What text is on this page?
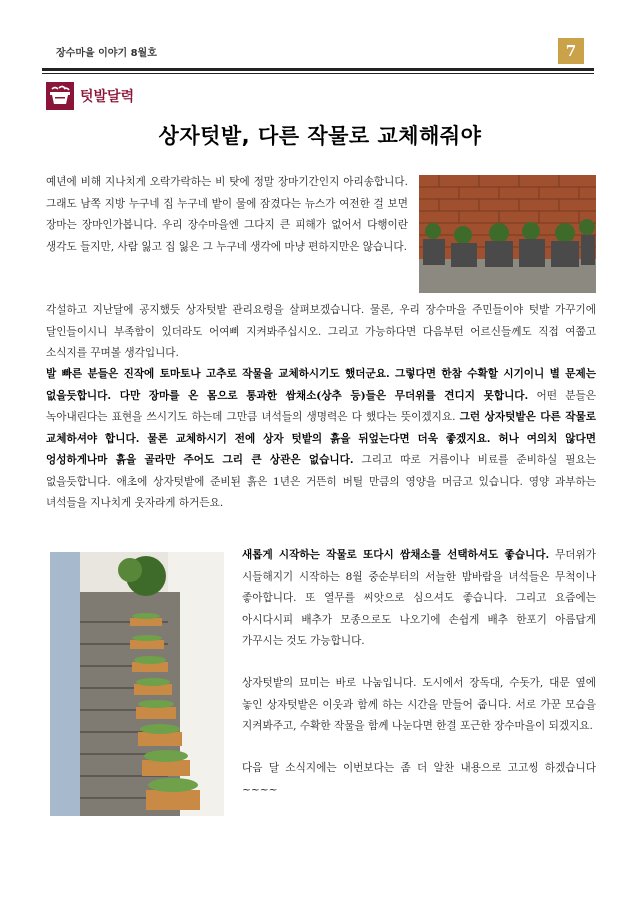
장수마을 이야기 8월호	7
텃발달력
상자텃밭, 다른 작물로 교체해줘야

예년에 비해 지나치게 오락가락하는 비 탓에 정말 장마기간인지 아리송합니다. 그래도 남쪽 지방 누구네 집 누구네 밭이 물에 잠겼다는 뉴스가 여전한 걸 보면 장마는 장마인가봅니다. 우리 장수마을엔 그다지 큰 피해가 없어서 다행이란 생각도 들지만, 사람 잃고 집 잃은 그 누구네 생각에 마냥 편하지만은 않습니다.

각설하고 지난달에 공지했듯 상자텃밭 관리요령을 살펴보겠습니다. 물론, 우리 장수마을 주민들이야 텃밭 가꾸기에 달인들이시니 부족함이 있더라도 어여삐 지켜봐주십시오. 그리고 가능하다면 다음부턴 어르신들께도 직접 여쭙고 소식지를 꾸며볼 생각입니다.

발 빠른 분들은 진작에 토마토나 고추로 작물을 교체하시기도 했더군요. 그렇다면 한참 수확할 시기이니 별 문제는 없을듯합니다. 다만 장마를 온 몸으로 통과한 쌈채소(상추 등)들은 무더위를 견디지 못합니다. 어떤 분들은 녹아내린다는 표현을 쓰시기도 하는데 그만큼 녀석들의 생명력은 다 했다는 뜻이겠지요. 그런 상자텃밭은 다른 작물로 교체하셔야 합니다. 물론 교체하시기 전에 상자 텃밭의 흙을 뒤엎는다면 더욱 좋겠지요. 허나 여의치 않다면 엉성하게나마 흙을 골라만 주어도 그리 큰 상관은 없습니다. 그리고 따로 거름이나 비료를 준비하실 필요는 없을듯합니다. 애초에 상자텃밭에 준비된 흙은 1년은 거뜬히 버틸 만큼의 영양을 머금고 있습니다. 영양 과부하는 녀석들을 지나치게 웃자라게 하거든요.

새롭게 시작하는 작물로 또다시 쌈채소를 선택하셔도 좋습니다. 무더위가 시들해지기 시작하는 8월 중순부터의 서늘한 밤바람을 녀석들은 무척이나 좋아합니다. 또 열무를 씨앗으로 심으셔도 좋습니다. 그리고 요즘에는 아시다시피 배추가 모종으로도 나오기에 손쉽게 배추 한포기 아름답게 가꾸시는 것도 가능합니다.

상자텃밭의 묘미는 바로 나눔입니다. 도시에서 장독대, 수돗가, 대문 옆에 놓인 상자텃밭은 이웃과 함께 하는 시간을 만들어 줍니다. 서로 가꾼 모습을 지켜봐주고, 수확한 작물을 함께 나눈다면 한결 포근한 장수마을이 되겠지요.

다음 달 소식지에는 이번보다는 좀 더 알찬 내용으로 고고씽 하겠습니다~~~~
